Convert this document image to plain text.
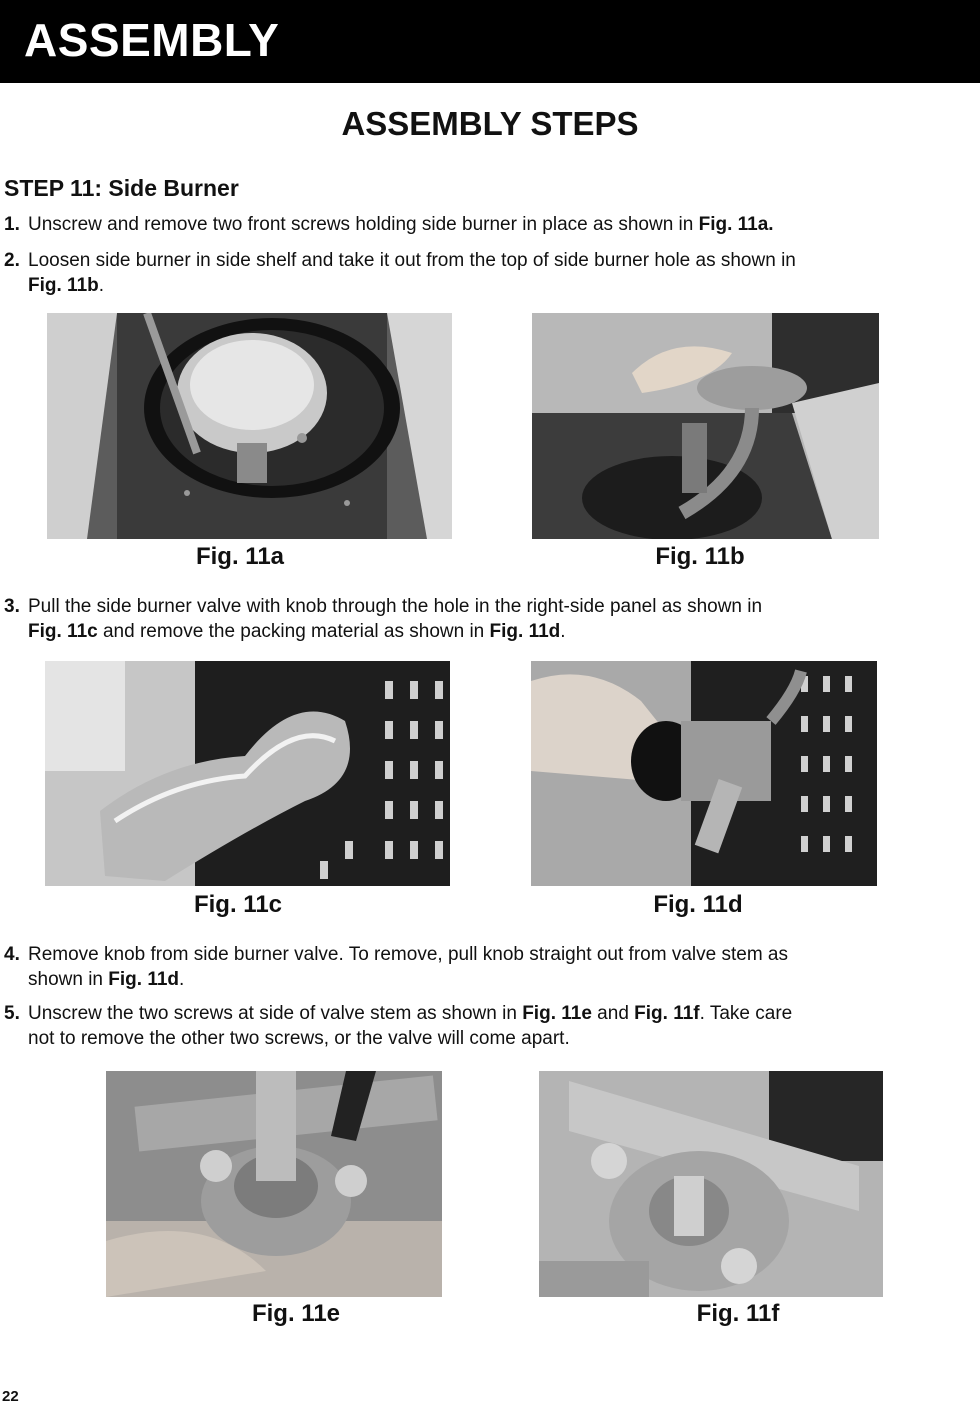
ASSEMBLY
ASSEMBLY STEPS
STEP 11: Side Burner
1. Unscrew and remove two front screws holding side burner in place as shown in Fig. 11a.
2. Loosen side burner in side shelf and take it out from the top of side burner hole as shown in
Fig. 11b.
Fig. 11a	Fig. 11b
3. Pull the side burner valve with knob through the hole in the right-side panel as shown in
Fig. 11c and remove the packing material as shown in Fig. 11d.
Fig. 11c	Fig. 11d
4. Remove knob from side burner valve. To remove, pull knob straight out from valve stem as
shown in Fig. 11d.
5. Unscrew the two screws at side of valve stem as shown in Fig. 11e and Fig. 11f. Take care
not to remove the other two screws, or the valve will come apart.
Fig. 11e	Fig. 11f
22
